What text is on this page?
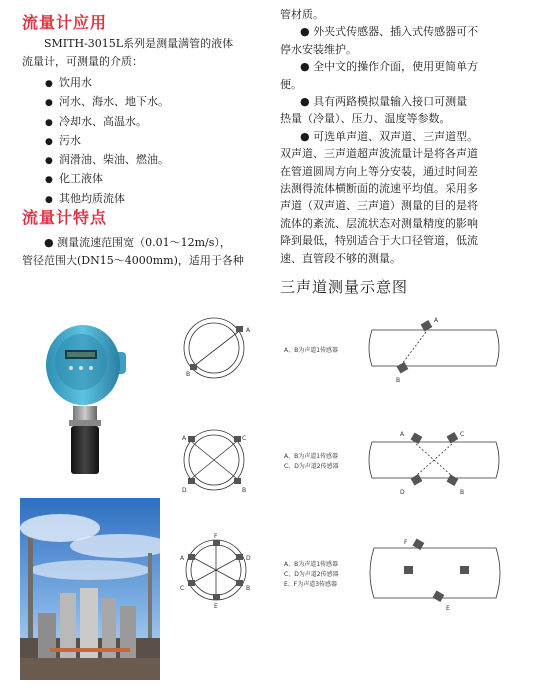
流量计应用
SMITH-3015L系列是测量满管的液体
流量计，可测量的介质：
● 饮用水
● 河水、海水、地下水。
● 冷却水、高温水。
● 污水
● 润滑油、柴油、燃油。
● 化工液体
● 其他均质流体
流量计特点
● 测量流速范围宽（0.01～12m/s），
管径范围大(DN15～4000mm)，适用于各种
管材质。
● 外夹式传感器、插入式传感器可不
停水安装维护。
● 全中文的操作介面，使用更简单方
便。
● 具有两路模拟量输入接口可测量
热量（冷量）、压力、温度等参数。
● 可选单声道、双声道、三声道型。
双声道、三声道超声波流量计是将各声道
在管道圆周方向上等分安装，通过时间差
法测得流体横断面的流速平均值。采用多
声道（双声道、三声道）测量的目的是将
流体的紊流、层流状态对测量精度的影响
降到最低，特别适合于大口径管道，低流
速、直管段不够的测量。
三声道测量示意图
A
B
A	C
D	B
F
E
A	D
C	B
A
B
A	C
D	B
F
E
A、B为声道1传感器
A、B为声道1传感器
C、D为声道2传感器
A、B为声道1传感器
C、D为声道2传感器
E、F为声道3传感器
